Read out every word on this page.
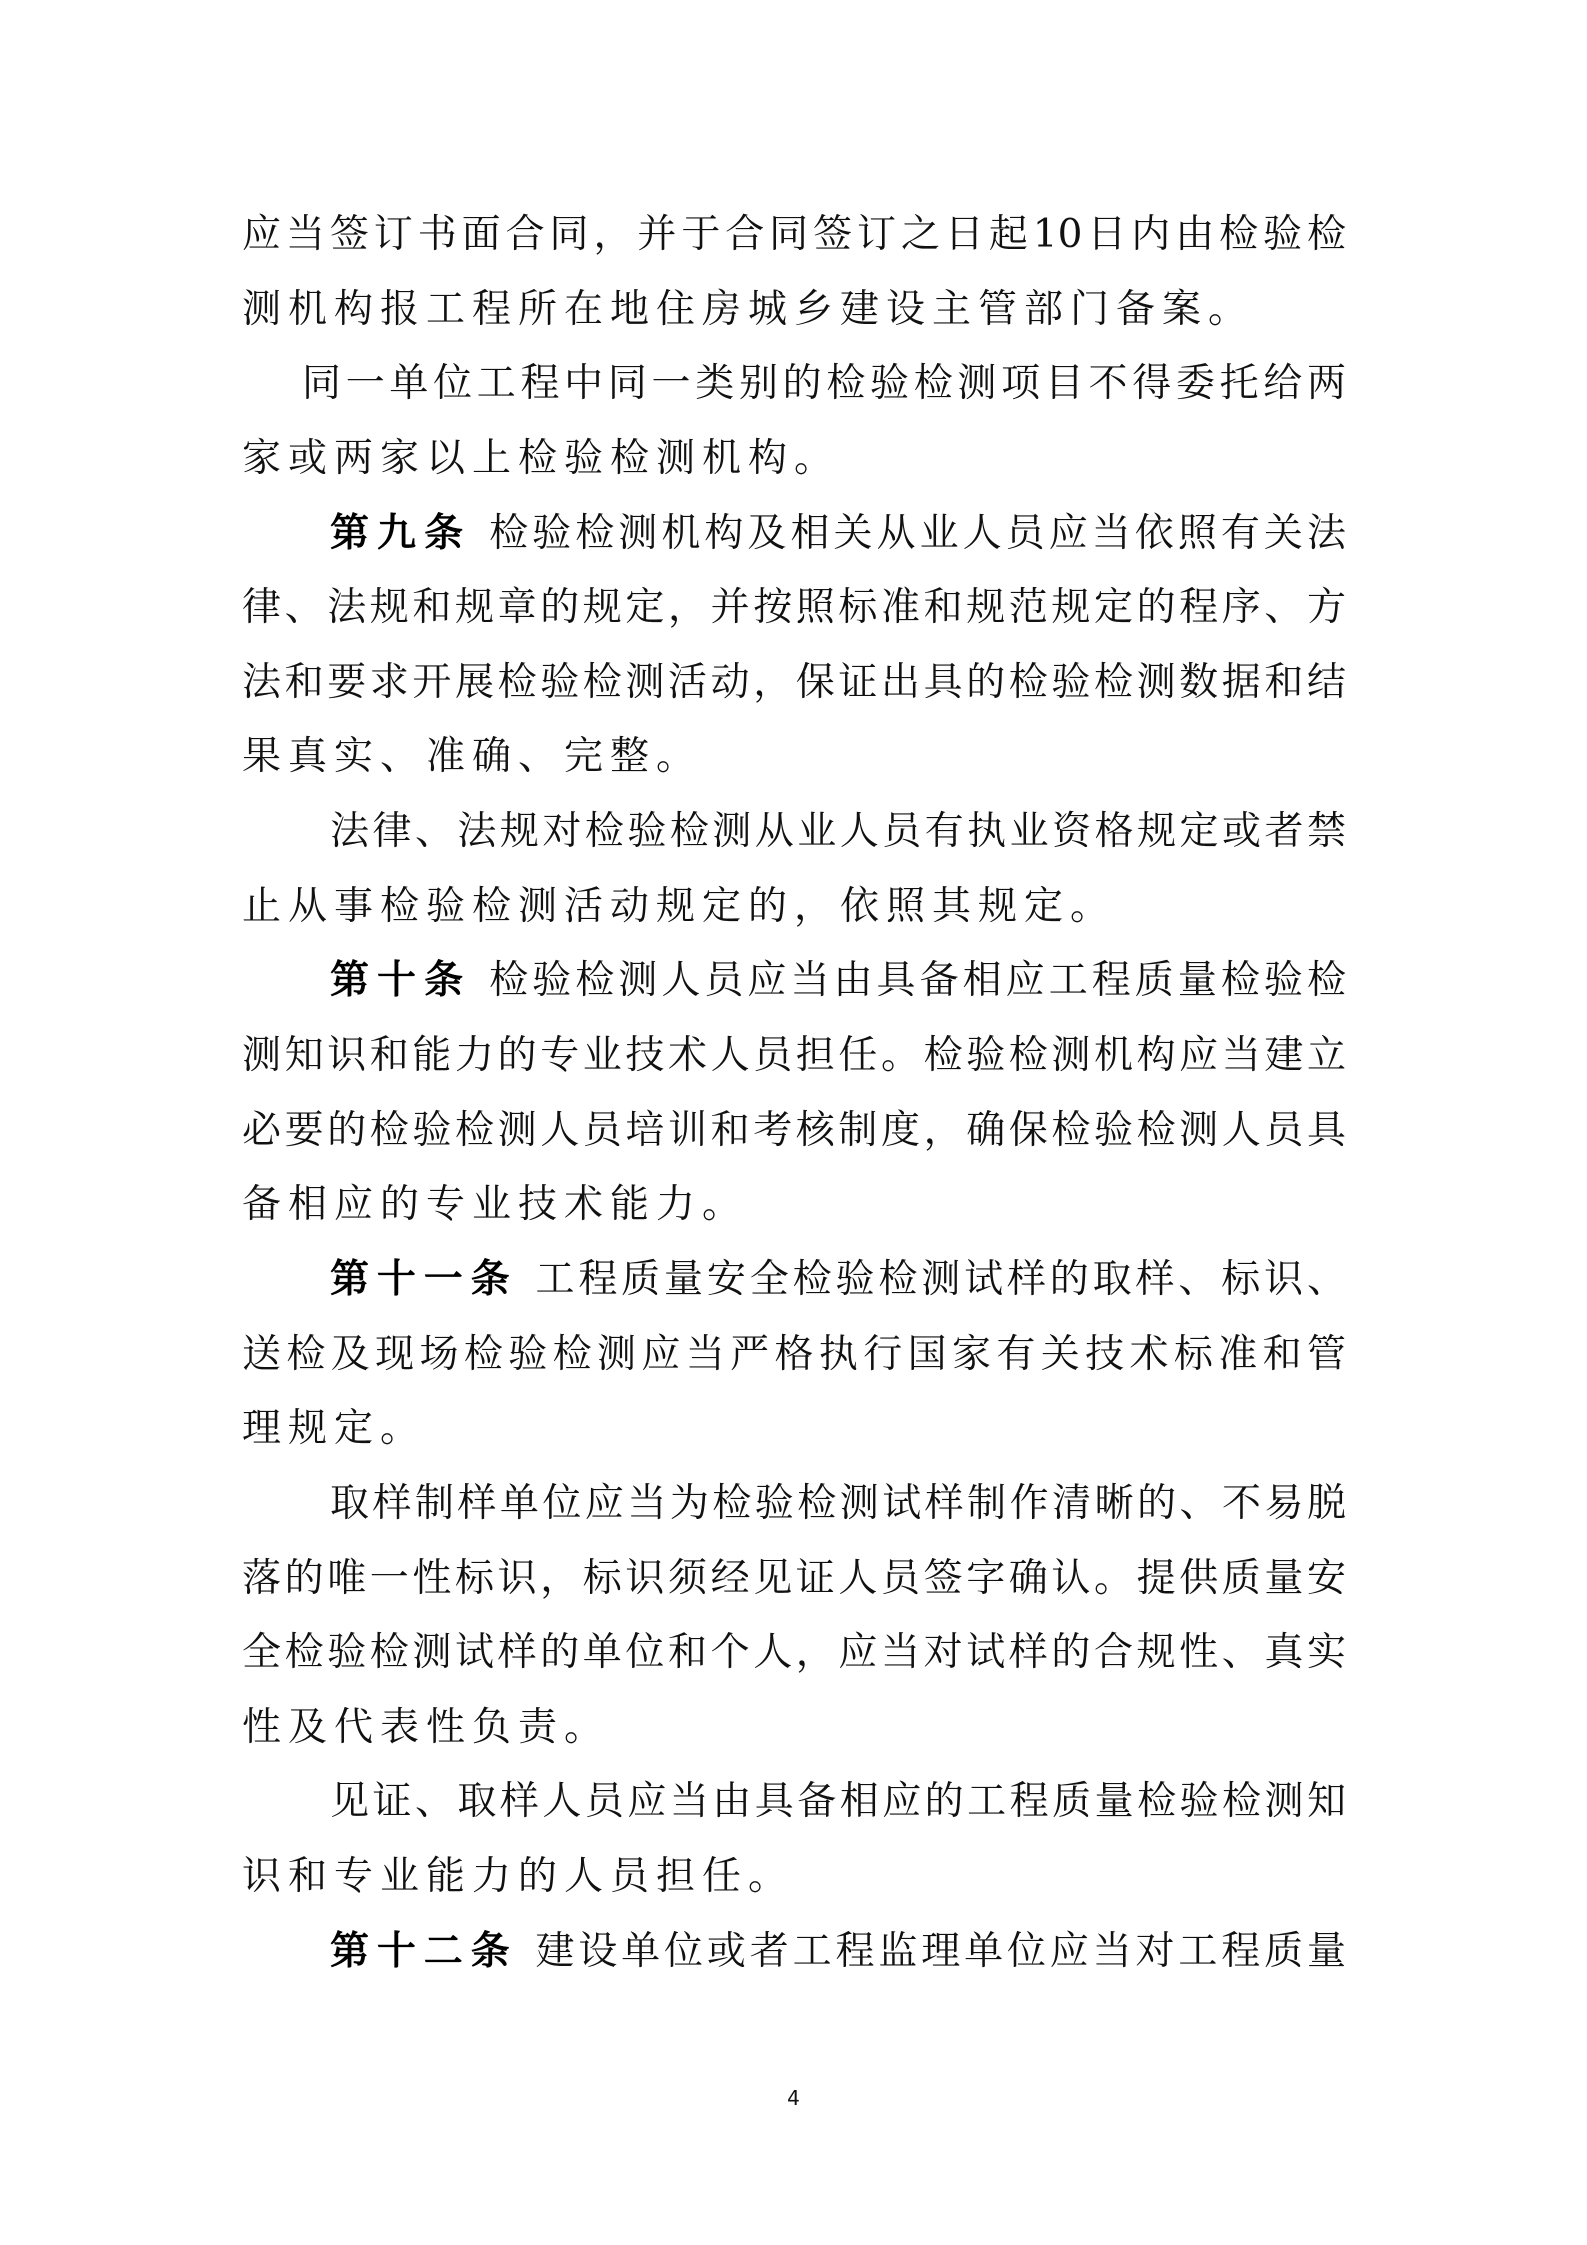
应当签订书面合同，并于合同签订之日起10日内由检验检
测机构报工程所在地住房城乡建设主管部门备案。
同一单位工程中同一类别的检验检测项目不得委托给两
家或两家以上检验检测机构。
第九条 检验检测机构及相关从业人员应当依照有关法
律、法规和规章的规定，并按照标准和规范规定的程序、方
法和要求开展检验检测活动，保证出具的检验检测数据和结
果真实、准确、完整。
法律、法规对检验检测从业人员有执业资格规定或者禁
止从事检验检测活动规定的，依照其规定。
第十条 检验检测人员应当由具备相应工程质量检验检
测知识和能力的专业技术人员担任。检验检测机构应当建立
必要的检验检测人员培训和考核制度，确保检验检测人员具
备相应的专业技术能力。
第十一条 工程质量安全检验检测试样的取样、标识、
送检及现场检验检测应当严格执行国家有关技术标准和管
理规定。
取样制样单位应当为检验检测试样制作清晰的、不易脱
落的唯一性标识，标识须经见证人员签字确认。提供质量安
全检验检测试样的单位和个人，应当对试样的合规性、真实
性及代表性负责。
见证、取样人员应当由具备相应的工程质量检验检测知
识和专业能力的人员担任。
第十二条 建设单位或者工程监理单位应当对工程质量
4
